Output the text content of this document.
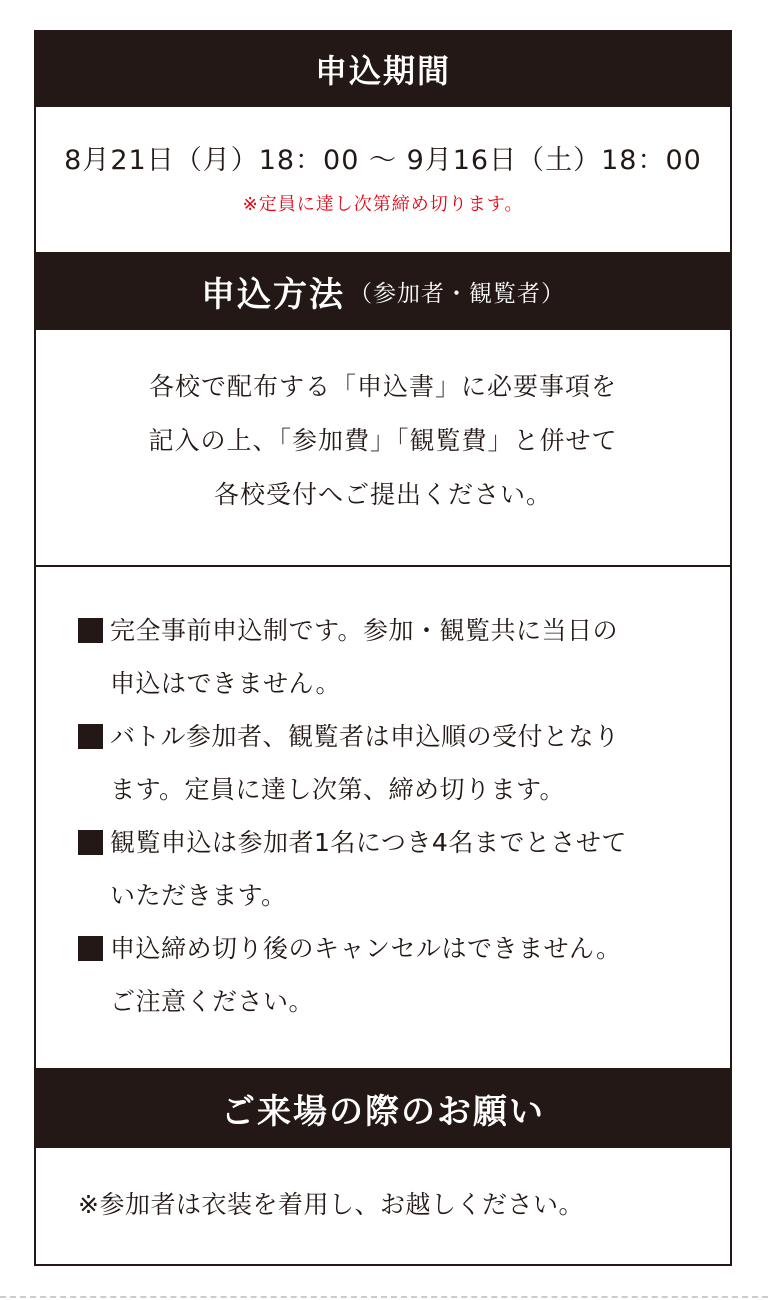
申込期間
8月21日（月）18：00 ～ 9月16日（土）18：00
※定員に達し次第締め切ります。
申込方法 （参加者・観覧者）
各校で配布する「申込書」に必要事項を
記入の上、「参加費」「観覧費」と併せて
各校受付へご提出ください。
完全事前申込制です。参加・観覧共に当日の
申込はできません。
バトル参加者、観覧者は申込順の受付となり
ます。定員に達し次第、締め切ります。
観覧申込は参加者1名につき4名までとさせて
いただきます。
申込締め切り後のキャンセルはできません。
ご注意ください。
ご来場の際のお願い
※参加者は衣装を着用し、お越しください。
